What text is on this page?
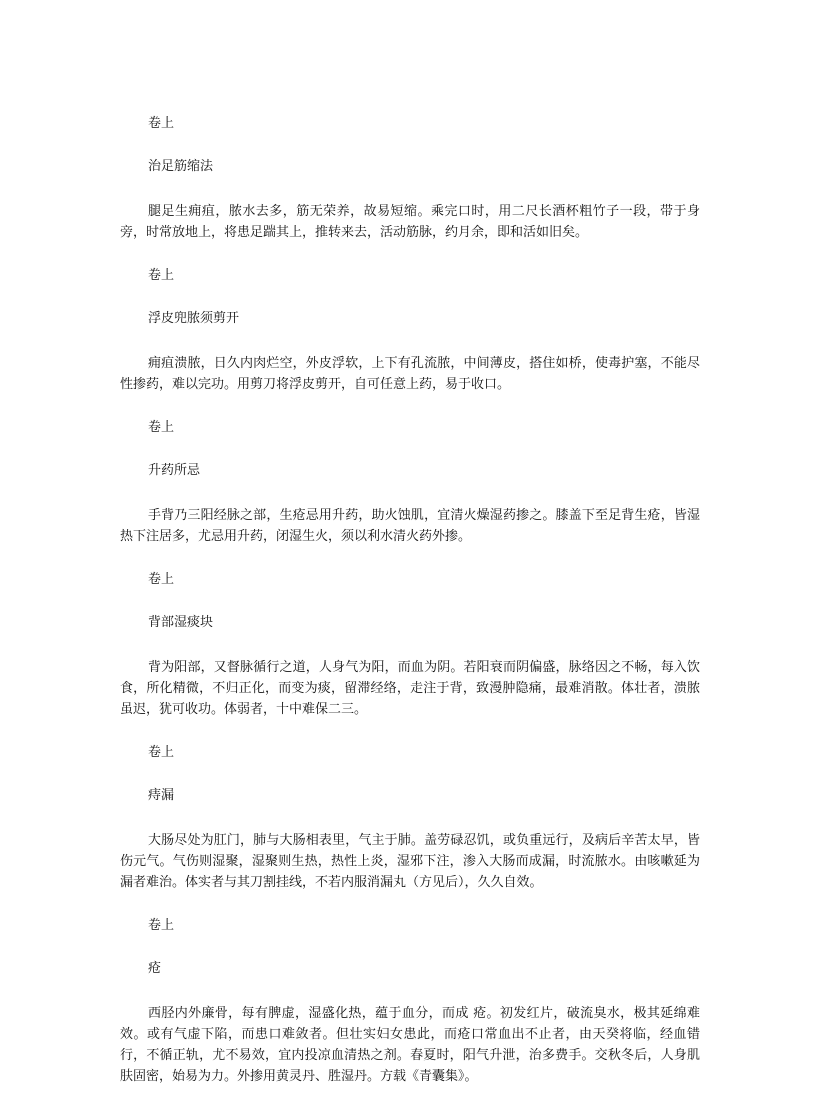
卷上
治足筋缩法

腿足生痈疽，脓水去多，筋无荣养，故易短缩。乘完口时，用二尺长酒杯粗竹子一段，带于身旁，时常放地上，将患足踹其上，推转来去，活动筋脉，约月余，即和活如旧矣。

卷上
浮皮兜脓须剪开

痈疽溃脓，日久内肉烂空，外皮浮软，上下有孔流脓，中间薄皮，搭住如桥，使毒护塞，不能尽性掺药，难以完功。用剪刀将浮皮剪开，自可任意上药，易于收口。

卷上
升药所忌

手背乃三阳经脉之部，生疮忌用升药，助火蚀肌，宜清火燥湿药掺之。膝盖下至足背生疮，皆湿热下注居多，尤忌用升药，闭湿生火，须以利水清火药外掺。

卷上
背部湿痰块

背为阳部，又督脉循行之道，人身气为阳，而血为阴。若阳衰而阴偏盛，脉络因之不畅，每入饮食，所化精微，不归正化，而变为痰，留滞经络，走注于背，致漫肿隐痛，最难消散。体壮者，溃脓虽迟，犹可收功。体弱者，十中难保二三。

卷上
痔漏

大肠尽处为肛门，肺与大肠相表里，气主于肺。盖劳碌忍饥，或负重远行，及病后辛苦太早，皆伤元气。气伤则湿聚，湿聚则生热，热性上炎，湿邪下注，渗入大肠而成漏，时流脓水。由咳嗽延为漏者难治。体实者与其刀割挂线，不若内服消漏丸（方见后），久久自效。

卷上
疮

西胫内外廉骨，每有脾虚，湿盛化热，蕴于血分，而成 疮。初发红片，破流臭水，极其延绵难效。或有气虚下陷，而患口难敛者。但壮实妇女患此，而疮口常血出不止者，由天癸将临，经血错行，不循正轨，尤不易效，宜内投凉血清热之剂。春夏时，阳气升泄，治多费手。交秋冬后，人身肌肤固密，始易为力。外掺用黄灵丹、胜湿丹。方载《青囊集》。
